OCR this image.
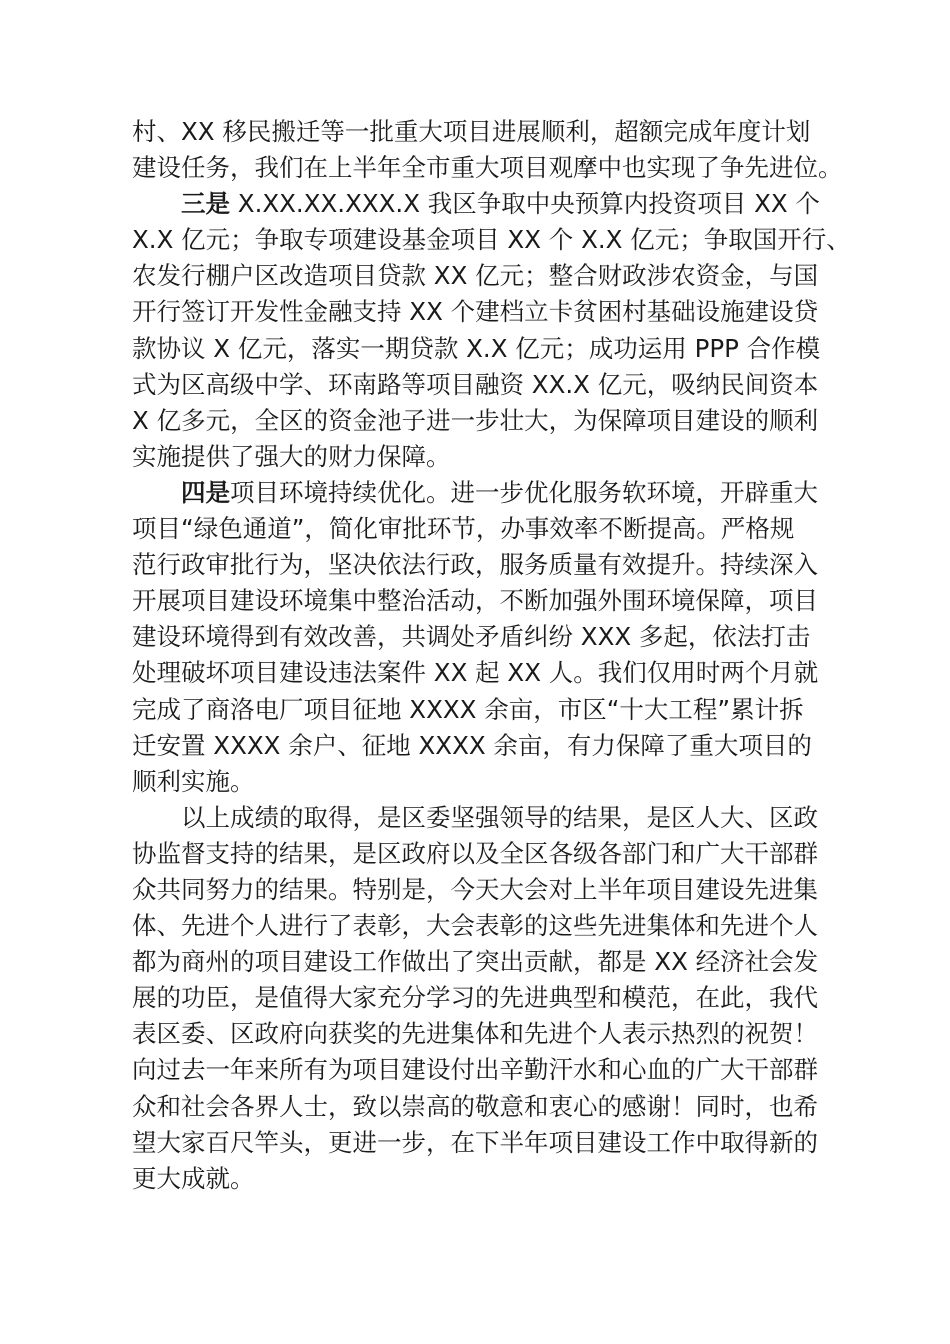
村、XX 移民搬迁等一批重大项目进展顺利，超额完成年度计划
建设任务，我们在上半年全市重大项目观摩中也实现了争先进位。

三是 X.XX.XX.XXX.X 我区争取中央预算内投资项目 XX 个
X.X 亿元；争取专项建设基金项目 XX 个 X.X 亿元；争取国开行、
农发行棚户区改造项目贷款 XX 亿元；整合财政涉农资金，与国
开行签订开发性金融支持 XX 个建档立卡贫困村基础设施建设贷
款协议 X 亿元，落实一期贷款 X.X 亿元；成功运用 PPP 合作模
式为区高级中学、环南路等项目融资 XX.X 亿元，吸纳民间资本
X 亿多元，全区的资金池子进一步壮大，为保障项目建设的顺利
实施提供了强大的财力保障。

四是项目环境持续优化。进一步优化服务软环境，开辟重大
项目“绿色通道”，简化审批环节，办事效率不断提高。严格规
范行政审批行为，坚决依法行政，服务质量有效提升。持续深入
开展项目建设环境集中整治活动，不断加强外围环境保障，项目
建设环境得到有效改善，共调处矛盾纠纷 XXX 多起，依法打击
处理破坏项目建设违法案件 XX 起 XX 人。我们仅用时两个月就
完成了商洛电厂项目征地 XXXX 余亩，市区“十大工程”累计拆
迁安置 XXXX 余户、征地 XXXX 余亩，有力保障了重大项目的
顺利实施。

以上成绩的取得，是区委坚强领导的结果，是区人大、区政
协监督支持的结果，是区政府以及全区各级各部门和广大干部群
众共同努力的结果。特别是，今天大会对上半年项目建设先进集
体、先进个人进行了表彰，大会表彰的这些先进集体和先进个人
都为商州的项目建设工作做出了突出贡献，都是 XX 经济社会发
展的功臣，是值得大家充分学习的先进典型和模范，在此，我代
表区委、区政府向获奖的先进集体和先进个人表示热烈的祝贺！
向过去一年来所有为项目建设付出辛勤汗水和心血的广大干部群
众和社会各界人士，致以崇高的敬意和衷心的感谢！同时，也希
望大家百尺竿头，更进一步，在下半年项目建设工作中取得新的
更大成就。
